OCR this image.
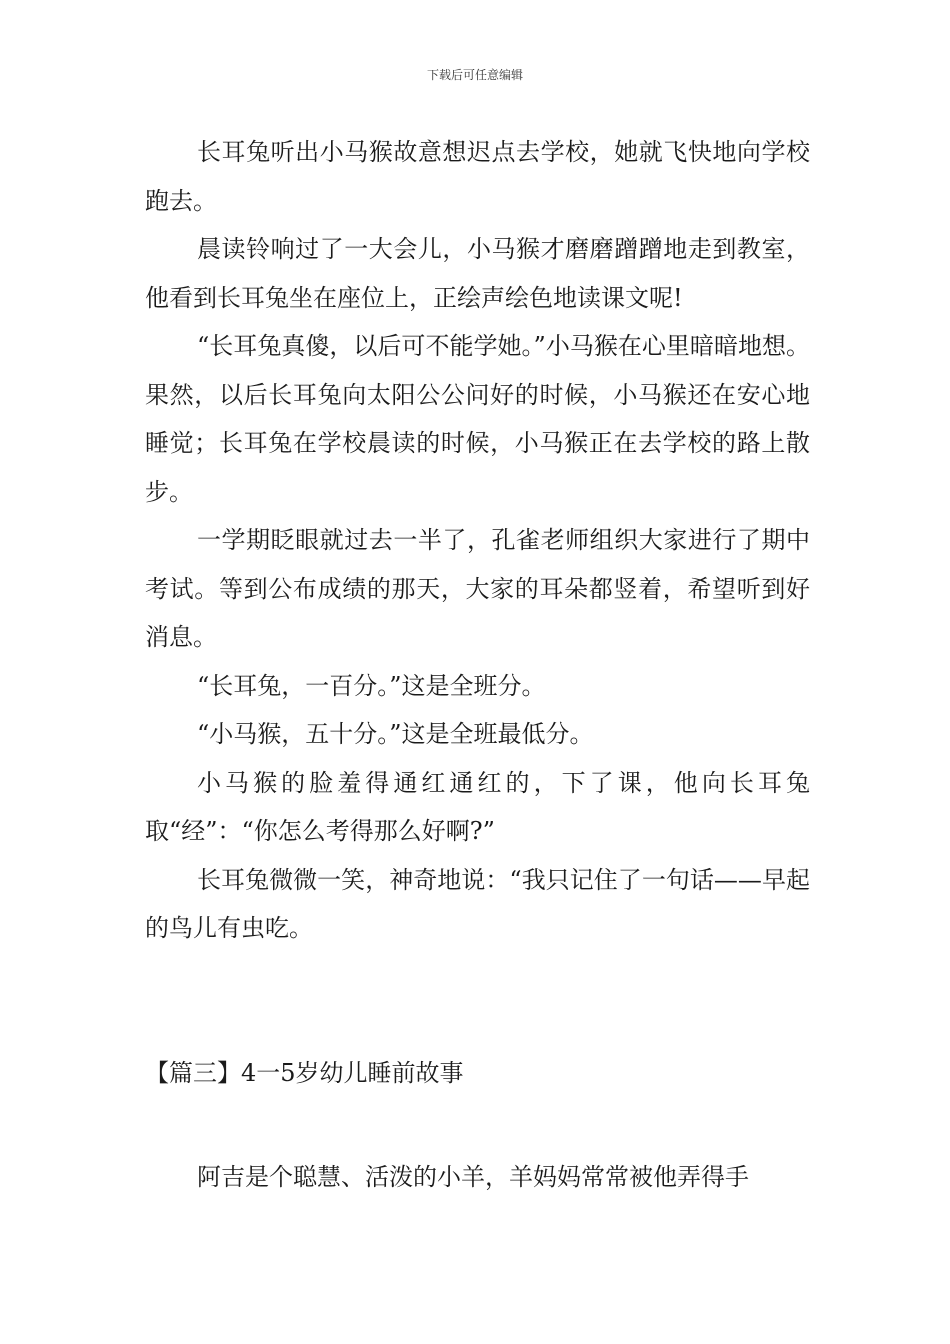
下载后可任意编辑

长耳兔听出小马猴故意想迟点去学校，她就飞快地向学校跑去。

晨读铃响过了一大会儿，小马猴才磨磨蹭蹭地走到教室，他看到长耳兔坐在座位上，正绘声绘色地读课文呢!

“长耳兔真傻，以后可不能学她。”小马猴在心里暗暗地想。果然，以后长耳兔向太阳公公问好的时候，小马猴还在安心地睡觉；长耳兔在学校晨读的时候，小马猴正在去学校的路上散步。

一学期眨眼就过去一半了，孔雀老师组织大家进行了期中考试。等到公布成绩的那天，大家的耳朵都竖着，希望听到好消息。

“长耳兔，一百分。”这是全班分。

“小马猴，五十分。”这是全班最低分。

小马猴的脸羞得通红通红的，下了课，他向长耳兔取“经”：“你怎么考得那么好啊?”

长耳兔微微一笑，神奇地说：“我只记住了一句话——早起的鸟儿有虫吃。

【篇三】4一5岁幼儿睡前故事

阿吉是个聪慧、活泼的小羊，羊妈妈常常被他弄得手
